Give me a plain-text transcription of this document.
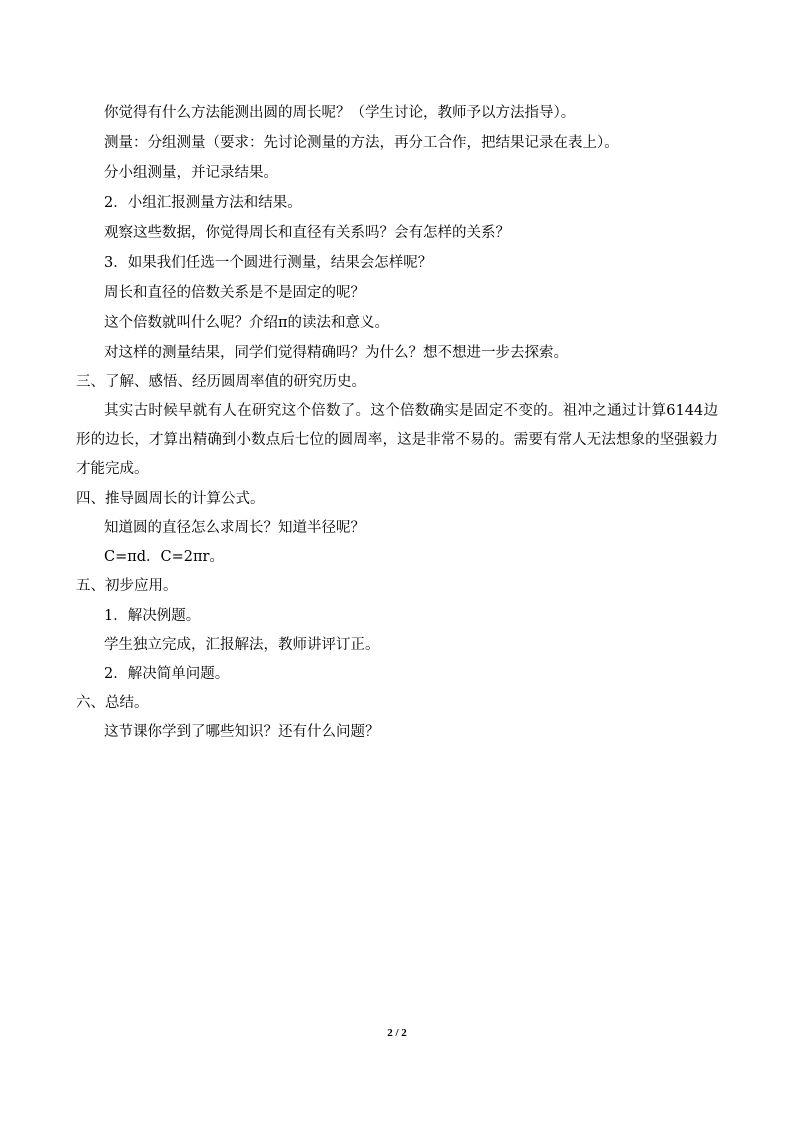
你觉得有什么方法能测出圆的周长呢？（学生讨论，教师予以方法指导）。

测量：分组测量（要求：先讨论测量的方法，再分工合作，把结果记录在表上）。

分小组测量，并记录结果。

2．小组汇报测量方法和结果。

观察这些数据，你觉得周长和直径有关系吗？会有怎样的关系？

3．如果我们任选一个圆进行测量，结果会怎样呢？

周长和直径的倍数关系是不是固定的呢？

这个倍数就叫什么呢？介绍π的读法和意义。

对这样的测量结果，同学们觉得精确吗？为什么？想不想进一步去探索。

三、了解、感悟、经历圆周率值的研究历史。

其实古时候早就有人在研究这个倍数了。这个倍数确实是固定不变的。祖冲之通过计算6144边形的边长，才算出精确到小数点后七位的圆周率，这是非常不易的。需要有常人无法想象的坚强毅力才能完成。

四、推导圆周长的计算公式。

知道圆的直径怎么求周长？知道半径呢？

C=πd．C=2πr。

五、初步应用。

1．解决例题。

学生独立完成，汇报解法，教师讲评订正。

2．解决简单问题。

六、总结。

这节课你学到了哪些知识？还有什么问题？

2 / 2
